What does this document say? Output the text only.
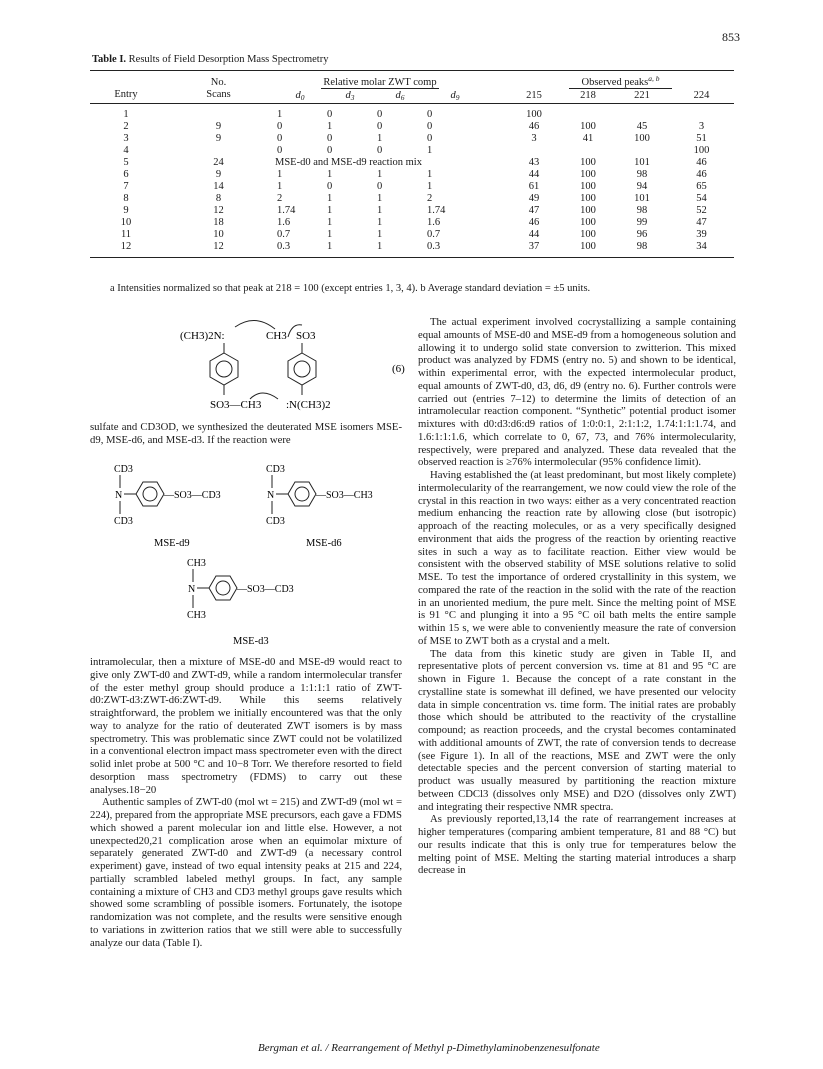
853
Table I. Results of Field Desorption Mass Spectrometry
	No.	Relative molar ZWT comp					Observed peaks$^{a, b}$
Entry	Scans	$d_0$	$d_3$	$d_6$	$d_9$		215	218	221	224
1		1	0	0	0		100			
2	9	0	1	0	0		46	100	45	3
3	9	0	0	1	0		3	41	100	51
4		0	0	0	1					100
5	24	MSE-d0 and MSE-d9 reaction mix					43	100	101	46
6	9	1	1	1	1		44	100	98	46
7	14	1	0	0	1		61	100	94	65
8	8	2	1	1	2		49	100	101	54
9	12	1.74	1	1	1.74		47	100	98	52
10	18	1.6	1	1	1.6		46	100	99	47
11	10	0.7	1	1	0.7		44	100	96	39
12	12	0.3	1	1	0.3		37	100	98	34
a Intensities normalized so that peak at 218 = 100 (except entries 1, 3, 4). b Average standard deviation = ±5 units.
(CH3)2N:	CH3 SO3
SO3—CH3 :N(CH3)2
(6)

sulfate and CD3OD, we synthesized the deuterated MSE isomers MSE-d9, MSE-d6, and MSE-d3. If the reaction were

CD3
N	—SO3—CD3
CD3
MSE-d9
CD3
N	—SO3—CH3
CD3
MSE-d6
CH3
N	—SO3—CD3
CH3
MSE-d3

intramolecular, then a mixture of MSE-d0 and MSE-d9 would react to give only ZWT-d0 and ZWT-d9, while a random intermolecular transfer of the ester methyl group should produce a 1:1:1:1 ratio of ZWT-d0:ZWT-d3:ZWT-d6:ZWT-d9. While this seems relatively straightforward, the problem we initially encountered was that the only way to analyze for the ratio of deuterated ZWT isomers is by mass spectrometry. This was problematic since ZWT could not be volatilized in a conventional electron impact mass spectrometer even with the direct solid inlet probe at 500 °C and 10−8 Torr. We therefore resorted to field desorption mass spectrometry (FDMS) to carry out these analyses.18−20

Authentic samples of ZWT-d0 (mol wt = 215) and ZWT-d9 (mol wt = 224), prepared from the appropriate MSE precursors, each gave a FDMS which showed a parent molecular ion and little else. However, a not unexpected20,21 complication arose when an equimolar mixture of separately generated ZWT-d0 and ZWT-d9 (a necessary control experiment) gave, instead of two equal intensity peaks at 215 and 224, partially scrambled labeled methyl groups. In fact, any sample containing a mixture of CH3 and CD3 methyl groups gave results which showed some scrambling of possible isomers. Fortunately, the isotope randomization was not complete, and the results were sensitive enough to variations in zwitterion ratios that we still were able to successfully analyze our data (Table I).

The actual experiment involved cocrystallizing a sample containing equal amounts of MSE-d0 and MSE-d9 from a homogeneous solution and allowing it to undergo solid state conversion to zwitterion. This mixed product was analyzed by FDMS (entry no. 5) and shown to be identical, within experimental error, with the expected intermolecular product, equal amounts of ZWT-d0, d3, d6, d9 (entry no. 6). Further controls were carried out (entries 7–12) to determine the limits of detection of an intramolecular reaction component. “Synthetic” potential product isomer mixtures with d0:d3:d6:d9 ratios of 1:0:0:1, 2:1:1:2, 1.74:1:1:1.74, and 1.6:1:1:1.6, which correlate to 0, 67, 73, and 76% intermolecularity, respectively, were prepared and analyzed. These data revealed that the observed reaction is ≥76% intermolecular (95% confidence limit).

Having established the (at least predominant, but most likely complete) intermolecularity of the rearrangement, we now could view the role of the crystal in this reaction in two ways: either as a very concentrated reaction medium enhancing the reaction rate by allowing close (but isotropic) approach of the reacting molecules, or as a very specifically designed environment that aids the progress of the reaction by orienting reactive sites in such a way as to facilitate reaction. Either view would be consistent with the observed stability of MSE solutions relative to solid MSE. To test the importance of ordered crystallinity in this system, we compared the rate of the reaction in the solid with the rate of the reaction in an unoriented medium, the pure melt. Since the melting point of MSE is 91 °C and plunging it into a 95 °C oil bath melts the entire sample within 15 s, we were able to conveniently measure the rate of conversion of MSE to ZWT both as a crystal and a melt.

The data from this kinetic study are given in Table II, and representative plots of percent conversion vs. time at 81 and 95 °C are shown in Figure 1. Because the concept of a rate constant in the crystalline state is somewhat ill defined, we have presented our velocity data in simple concentration vs. time form. The initial rates are probably those which should be attributed to the reactivity of the crystalline compound; as reaction proceeds, and the crystal becomes contaminated with additional amounts of ZWT, the rate of conversion tends to decrease (see Figure 1). In all of the reactions, MSE and ZWT were the only detectable species and the percent conversion of starting material to product was usually measured by partitioning the reaction mixture between CDCl3 (dissolves only MSE) and D2O (dissolves only ZWT) and integrating their respective NMR spectra.

As previously reported,13,14 the rate of rearrangement increases at higher temperatures (comparing ambient temperature, 81 and 88 °C) but our results indicate that this is only true for temperatures below the melting point of MSE. Melting the starting material introduces a sharp decrease in

Bergman et al. / Rearrangement of Methyl p-Dimethylaminobenzenesulfonate
